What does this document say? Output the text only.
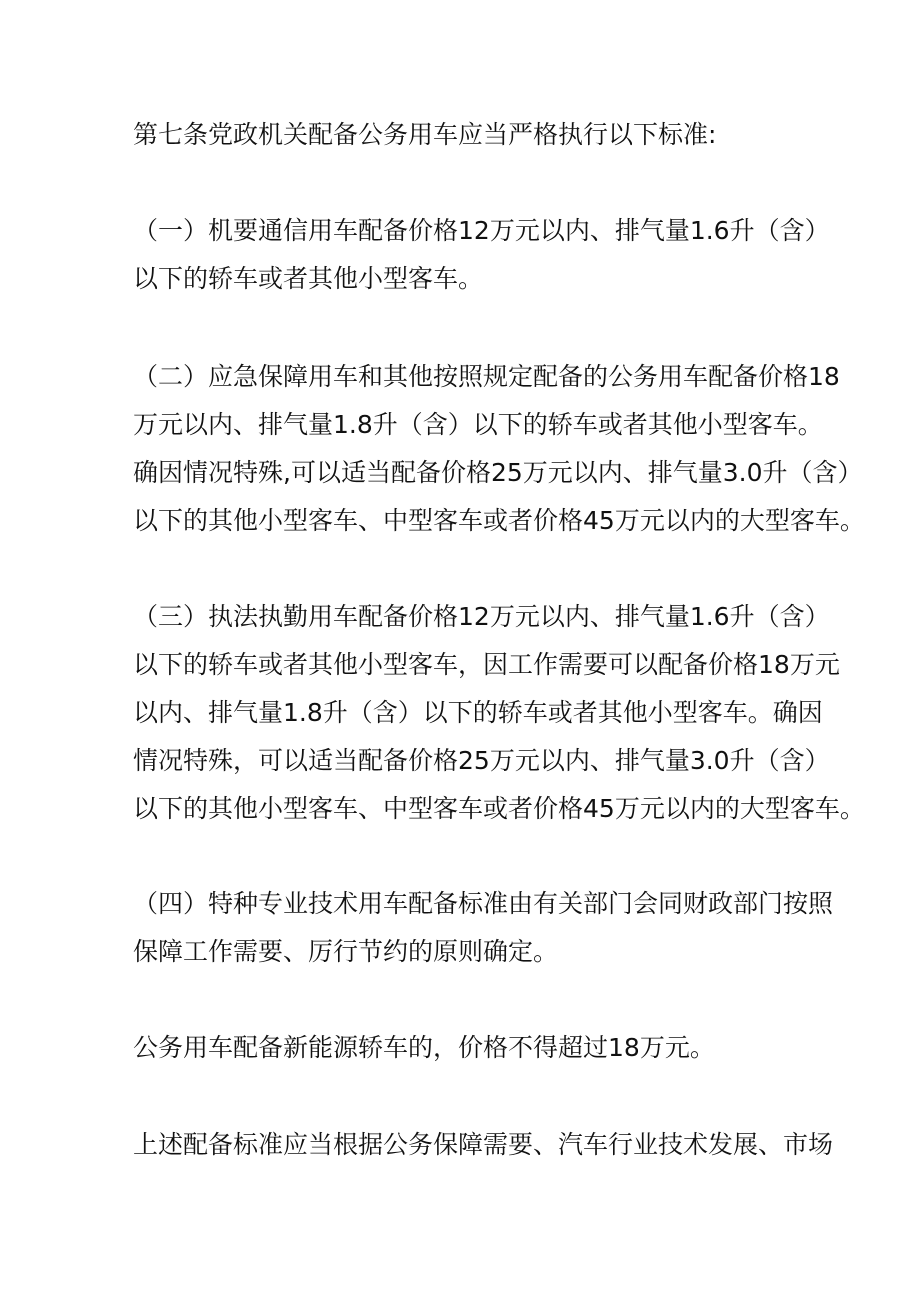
第七条党政机关配备公务用车应当严格执行以下标准:
（一）机要通信用车配备价格12万元以内、排气量1.6升（含）
以下的轿车或者其他小型客车。
（二）应急保障用车和其他按照规定配备的公务用车配备价格18
万元以内、排气量1.8升（含）以下的轿车或者其他小型客车。
确因情况特殊,可以适当配备价格25万元以内、排气量3.0升（含）
以下的其他小型客车、中型客车或者价格45万元以内的大型客车。
（三）执法执勤用车配备价格12万元以内、排气量1.6升（含）
以下的轿车或者其他小型客车，因工作需要可以配备价格18万元
以内、排气量1.8升（含）以下的轿车或者其他小型客车。确因
情况特殊，可以适当配备价格25万元以内、排气量3.0升（含）
以下的其他小型客车、中型客车或者价格45万元以内的大型客车。
（四）特种专业技术用车配备标准由有关部门会同财政部门按照
保障工作需要、厉行节约的原则确定。
公务用车配备新能源轿车的，价格不得超过18万元。
上述配备标准应当根据公务保障需要、汽车行业技术发展、市场
